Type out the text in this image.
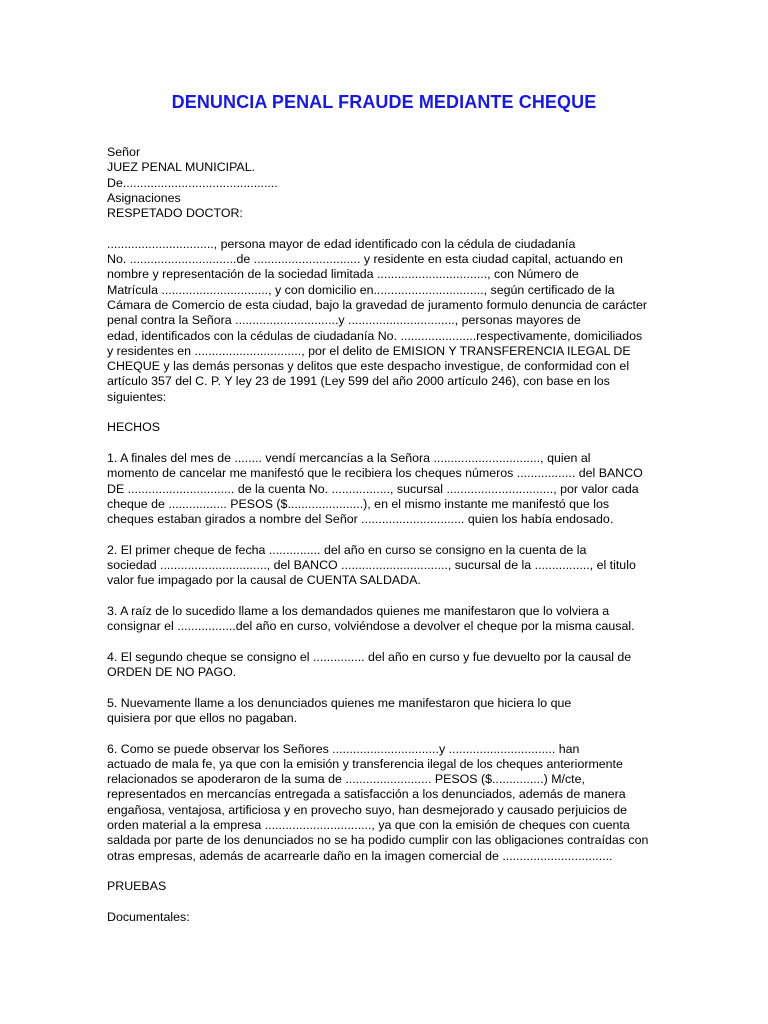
DENUNCIA PENAL FRAUDE MEDIANTE CHEQUE
Señor
JUEZ PENAL MUNICIPAL.
De.............................................
Asignaciones
RESPETADO DOCTOR:
..............................., persona mayor de edad identificado con la cédula de ciudadanía
No. ...............................de ............................... y residente en esta ciudad capital, actuando en
nombre y representación de la sociedad limitada ................................, con Número de
Matrícula ..............................., y con domicilio en................................, según certificado de la
Cámara de Comercio de esta ciudad, bajo la gravedad de juramento formulo denuncia de carácter
penal contra la Señora ..............................y ..............................., personas mayores de
edad, identificados con la cédulas de ciudadanía No. ......................respectivamente, domiciliados
y residentes en ..............................., por el delito de EMISION Y TRANSFERENCIA ILEGAL DE
CHEQUE y las demás personas y delitos que este despacho investigue, de conformidad con el
artículo 357 del C. P. Y ley 23 de 1991 (Ley 599 del año 2000 artículo 246), con base en los
siguientes:
HECHOS
1. A finales del mes de ........ vendí mercancías a la Señora ..............................., quien al
momento de cancelar me manifestó que le recibiera los cheques números ................. del BANCO
DE ............................... de la cuenta No. ................., sucursal ..............................., por valor cada
cheque de ................. PESOS ($......................), en el mismo instante me manifestó que los
cheques estaban girados a nombre del Señor .............................. quien los había endosado.
2. El primer cheque de fecha ............... del año en curso se consigno en la cuenta de la
sociedad ..............................., del BANCO ..............................., sucursal de la ................, el titulo
valor fue impagado por la causal de CUENTA SALDADA.
3. A raíz de lo sucedido llame a los demandados quienes me manifestaron que lo volviera a
consignar el .................del año en curso, volviéndose a devolver el cheque por la misma causal.
4. El segundo cheque se consigno el ............... del año en curso y fue devuelto por la causal de
ORDEN DE NO PAGO.
5. Nuevamente llame a los denunciados quienes me manifestaron que hiciera lo que
quisiera por que ellos no pagaban.
6. Como se puede observar los Señores ...............................y ............................... han
actuado de mala fe, ya que con la emisión y transferencia ilegal de los cheques anteriormente
relacionados se apoderaron de la suma de ......................... PESOS ($...............) M/cte,
representados en mercancías entregada a satisfacción a los denunciados, además de manera
engañosa, ventajosa, artificiosa y en provecho suyo, han desmejorado y causado perjuicios de
orden material a la empresa ..............................., ya que con la emisión de cheques con cuenta
saldada por parte de los denunciados no se ha podido cumplir con las obligaciones contraídas con
otras empresas, además de acarrearle daño en la imagen comercial de ................................
PRUEBAS
Documentales:
